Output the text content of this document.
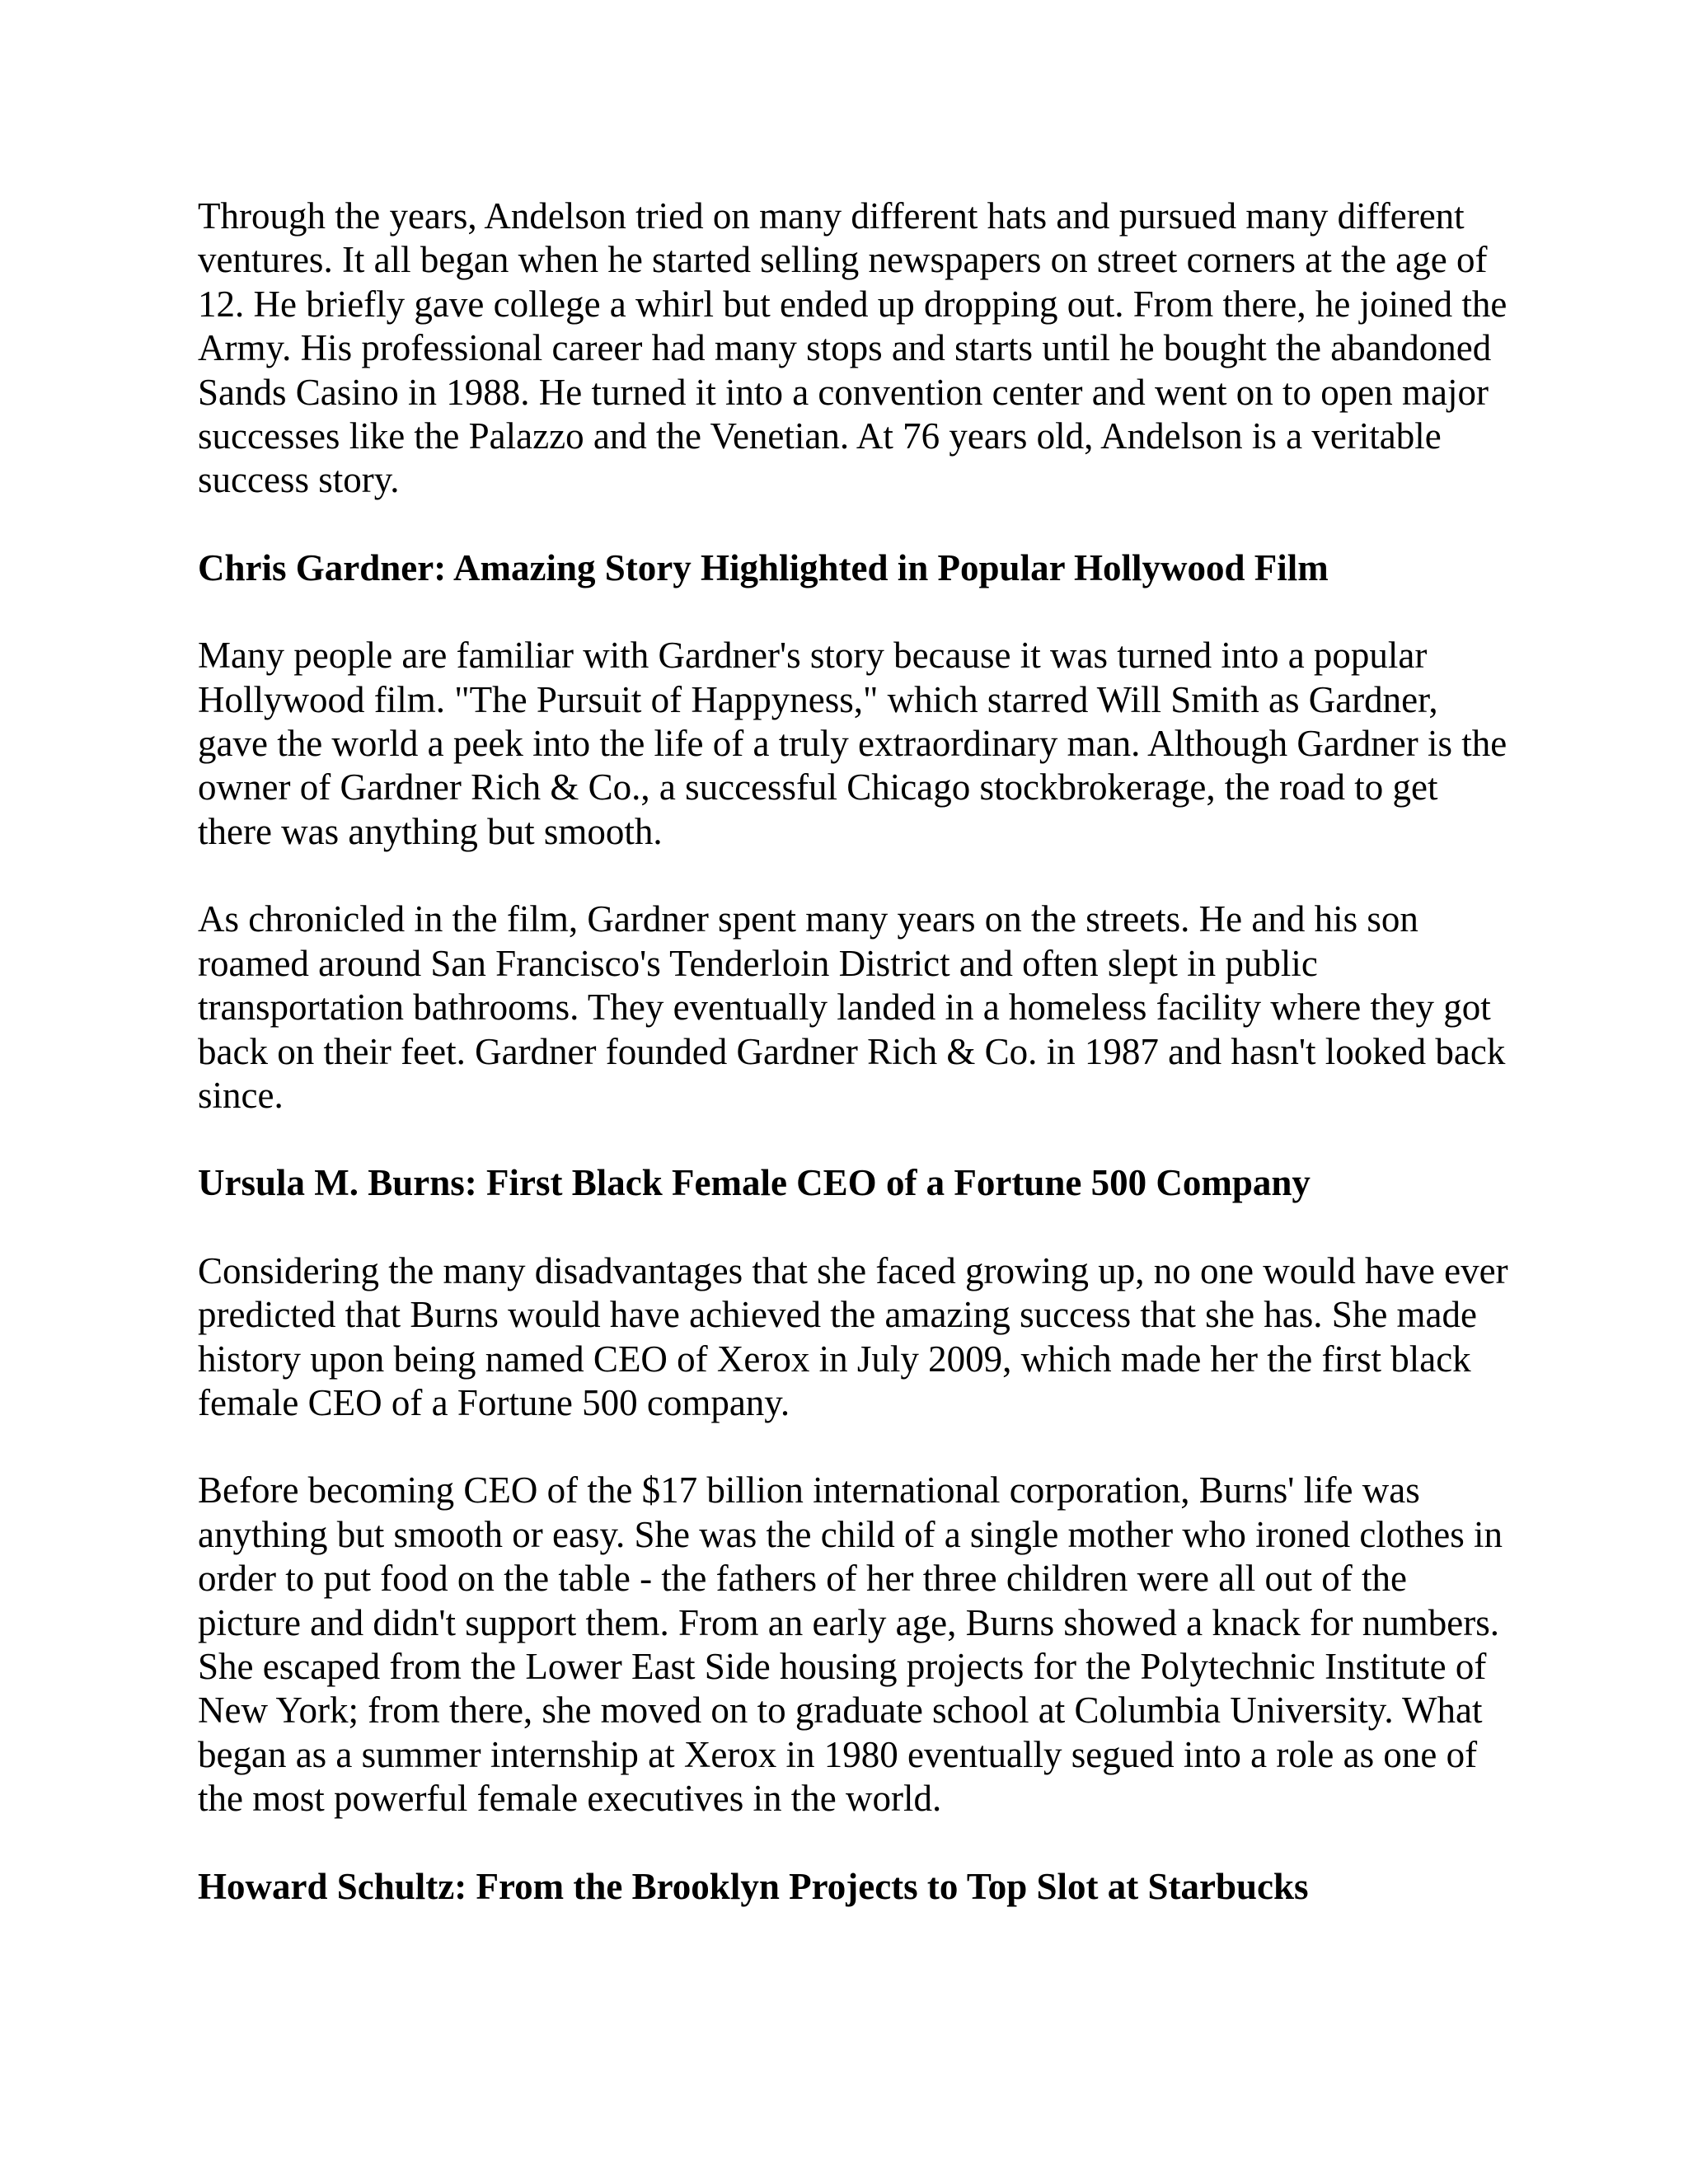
Through the years, Andelson tried on many different hats and pursued many different ventures. It all began when he started selling newspapers on street corners at the age of 12. He briefly gave college a whirl but ended up dropping out. From there, he joined the Army. His professional career had many stops and starts until he bought the abandoned Sands Casino in 1988. He turned it into a convention center and went on to open major successes like the Palazzo and the Venetian. At 76 years old, Andelson is a veritable success story.

Chris Gardner: Amazing Story Highlighted in Popular Hollywood Film

Many people are familiar with Gardner's story because it was turned into a popular Hollywood film. "The Pursuit of Happyness," which starred Will Smith as Gardner, gave the world a peek into the life of a truly extraordinary man. Although Gardner is the owner of Gardner Rich & Co., a successful Chicago stockbrokerage, the road to get there was anything but smooth.

As chronicled in the film, Gardner spent many years on the streets. He and his son roamed around San Francisco's Tenderloin District and often slept in public transportation bathrooms. They eventually landed in a homeless facility where they got back on their feet. Gardner founded Gardner Rich & Co. in 1987 and hasn't looked back since.

Ursula M. Burns: First Black Female CEO of a Fortune 500 Company

Considering the many disadvantages that she faced growing up, no one would have ever predicted that Burns would have achieved the amazing success that she has. She made history upon being named CEO of Xerox in July 2009, which made her the first black female CEO of a Fortune 500 company.

Before becoming CEO of the $17 billion international corporation, Burns' life was anything but smooth or easy. She was the child of a single mother who ironed clothes in order to put food on the table - the fathers of her three children were all out of the picture and didn't support them. From an early age, Burns showed a knack for numbers. She escaped from the Lower East Side housing projects for the Polytechnic Institute of New York; from there, she moved on to graduate school at Columbia University. What began as a summer internship at Xerox in 1980 eventually segued into a role as one of the most powerful female executives in the world.

Howard Schultz: From the Brooklyn Projects to Top Slot at Starbucks
